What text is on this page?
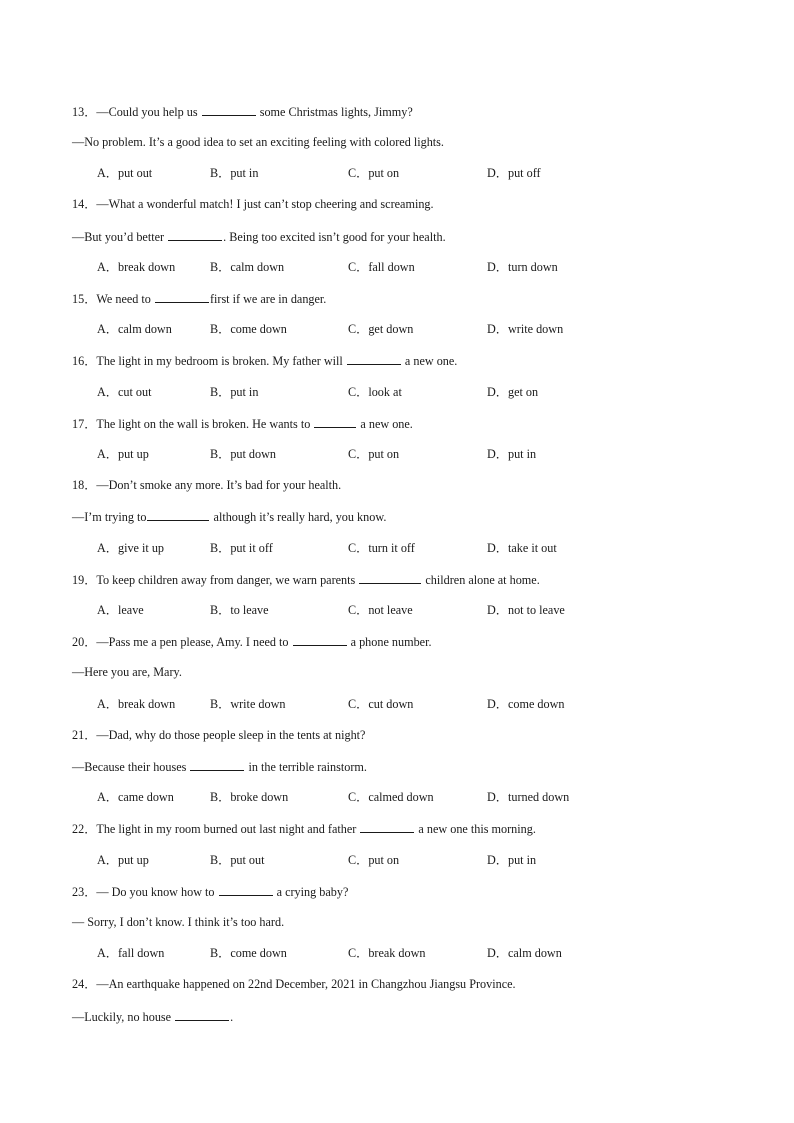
13．—Could you help us	some Christmas lights, Jimmy?
—No problem. It’s a good idea to set an exciting feeling with colored lights.
A．put out	B．put in	C．put on	D．put off
14．—What a wonderful match! I just can’t stop cheering and screaming.
—But you’d better	. Being too excited isn’t good for your health.
A．break down	B．calm down	C．fall down	D．turn down
15．We need to	first if we are in danger.
A．calm down	B．come down	C．get down	D．write down
16．The light in my bedroom is broken. My father will	a new one.
A．cut out	B．put in	C．look at	D．get on
17．The light on the wall is broken. He wants to	a new one.
A．put up	B．put down	C．put on	D．put in
18．—Don’t smoke any more. It’s bad for your health.
—I’m trying to	although it’s really hard, you know.
A．give it up	B．put it off	C．turn it off	D．take it out
19．To keep children away from danger, we warn parents	children alone at home.
A．leave	B．to leave	C．not leave	D．not to leave
20．—Pass me a pen please, Amy. I need to	a phone number.
—Here you are, Mary.
A．break down	B．write down	C．cut down	D．come down
21．—Dad, why do those people sleep in the tents at night?
—Because their houses	in the terrible rainstorm.
A．came down	B．broke down	C．calmed down	D．turned down
22．The light in my room burned out last night and father	a new one this morning.
A．put up	B．put out	C．put on	D．put in
23．— Do you know how to	a crying baby?
— Sorry, I don’t know. I think it’s too hard.
A．fall down	B．come down	C．break down	D．calm down
24．—An earthquake happened on 22nd December, 2021 in Changzhou Jiangsu Province.
—Luckily, no house	.
